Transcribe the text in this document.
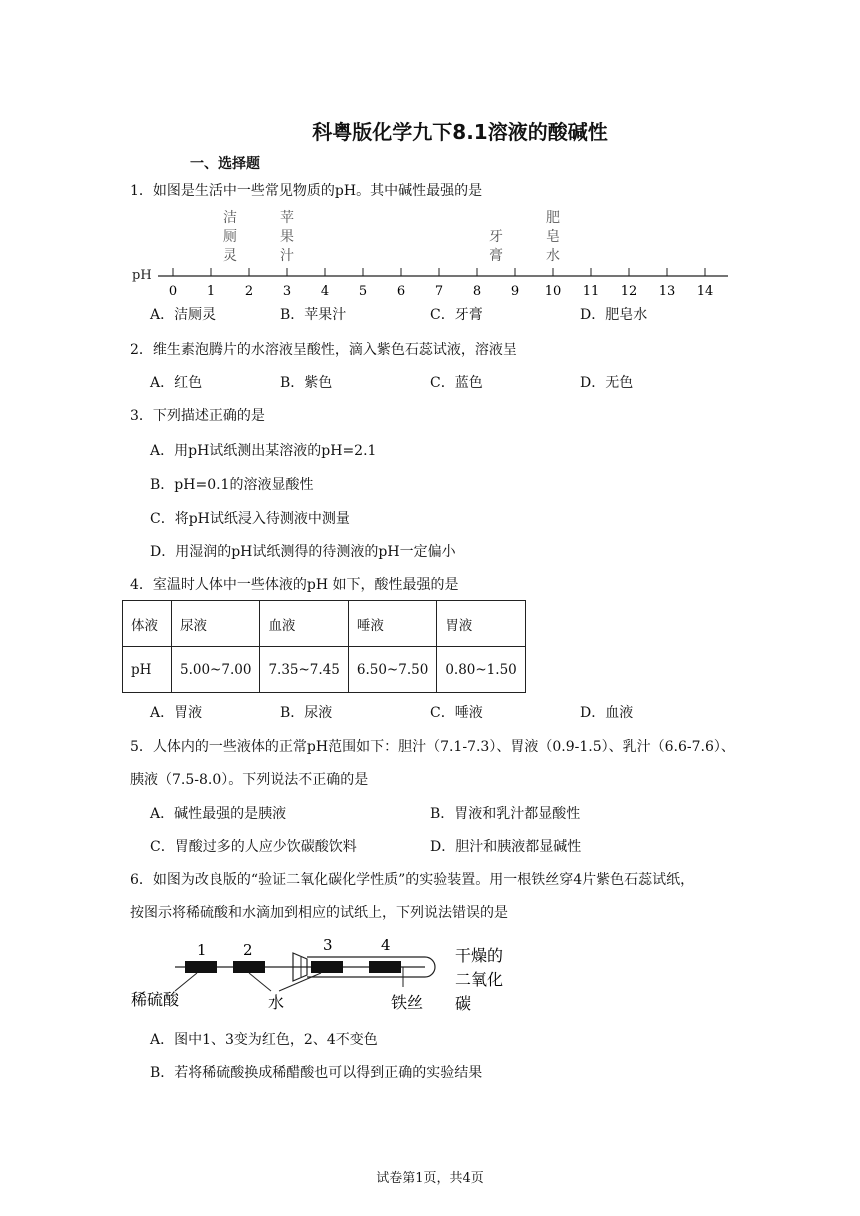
科粤版化学九下8.1溶液的酸碱性
一、选择题
1．如图是生活中一些常见物质的pH。其中碱性最强的是
pH
0 1 2 3 4 5 6 7 8 9 10 11 12 13 14
洁
厕
灵
苹
果
汁
牙
膏
肥
皂
水
A．洁厕灵	B．苹果汁	C．牙膏	D．肥皂水
2．维生素泡腾片的水溶液呈酸性，滴入紫色石蕊试液，溶液呈
A．红色	B．紫色	C．蓝色	D．无色
3．下列描述正确的是
A．用pH试纸测出某溶液的pH=2.1
B．pH=0.1的溶液显酸性
C．将pH试纸浸入待测液中测量
D．用湿润的pH试纸测得的待测液的pH一定偏小
4．室温时人体中一些体液的pH 如下，酸性最强的是
体液	尿液	血液	唾液	胃液
pH	5.00~7.00	7.35~7.45	6.50~7.50	0.80~1.50
A．胃液	B．尿液	C．唾液	D．血液
5．人体内的一些液体的正常pH范围如下：胆汁（7.1-7.3）、胃液（0.9-1.5）、乳汁（6.6-7.6）、
胰液（7.5-8.0）。下列说法不正确的是
A．碱性最强的是胰液	B．胃液和乳汁都显酸性
C．胃酸过多的人应少饮碳酸饮料	D．胆汁和胰液都显碱性
6．如图为改良版的“验证二氧化碳化学性质”的实验装置。用一根铁丝穿4片紫色石蕊试纸，
按图示将稀硫酸和水滴加到相应的试纸上，下列说法错误的是
1 2	3	4
稀硫酸	水	铁丝
干燥的
二氧化
碳
A．图中1、3变为红色，2、4不变色
B．若将稀硫酸换成稀醋酸也可以得到正确的实验结果
试卷第1页，共4页
